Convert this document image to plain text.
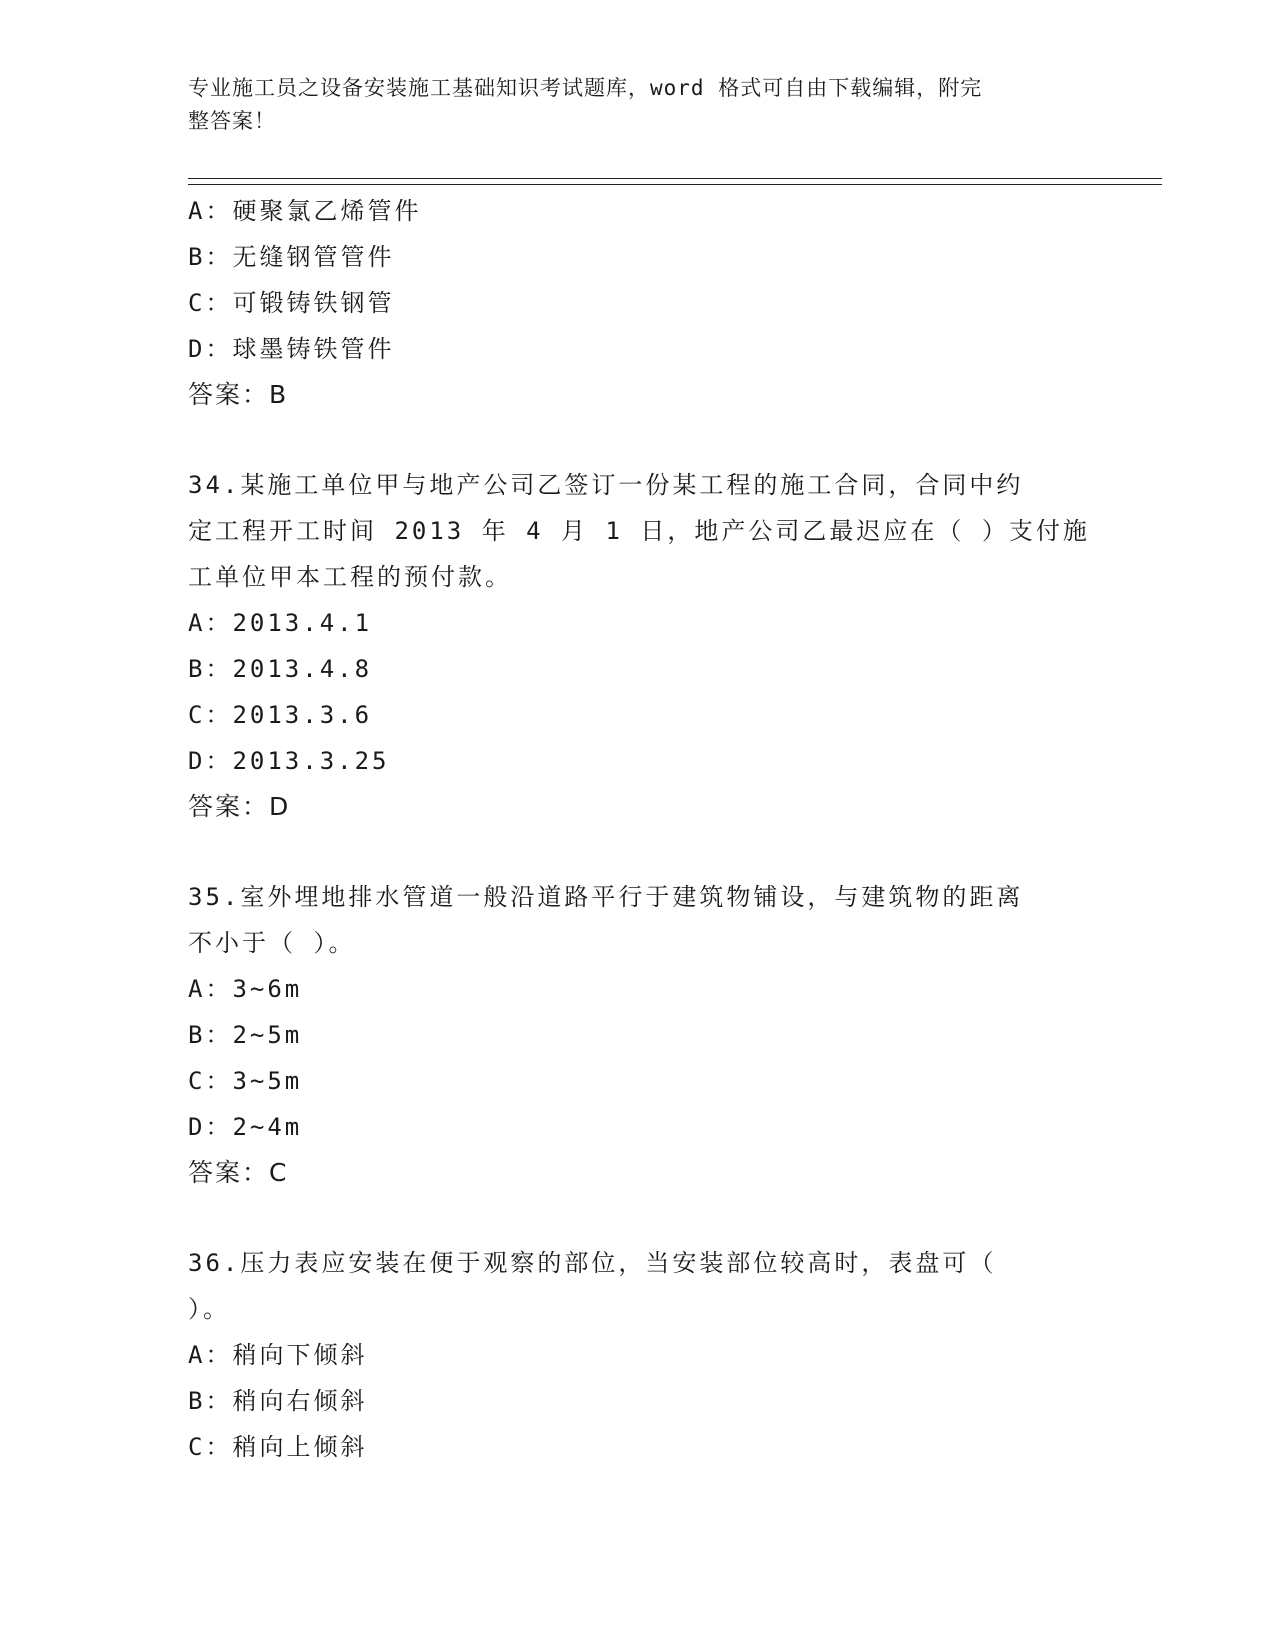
专业施工员之设备安装施工基础知识考试题库，word 格式可自由下载编辑，附完
整答案！
A：硬聚氯乙烯管件
B：无缝钢管管件
C：可锻铸铁钢管
D：球墨铸铁管件
答案：B
34.某施工单位甲与地产公司乙签订一份某工程的施工合同，合同中约
定工程开工时间 2013 年 4 月 1 日，地产公司乙最迟应在（ ）支付施
工单位甲本工程的预付款。
A：2013.4.1
B：2013.4.8
C：2013.3.6
D：2013.3.25
答案：D
35.室外埋地排水管道一般沿道路平行于建筑物铺设，与建筑物的距离
不小于（ ）。
A：3~6m
B：2~5m
C：3~5m
D：2~4m
答案：C
36.压力表应安装在便于观察的部位，当安装部位较高时，表盘可（
）。
A：稍向下倾斜
B：稍向右倾斜
C：稍向上倾斜
